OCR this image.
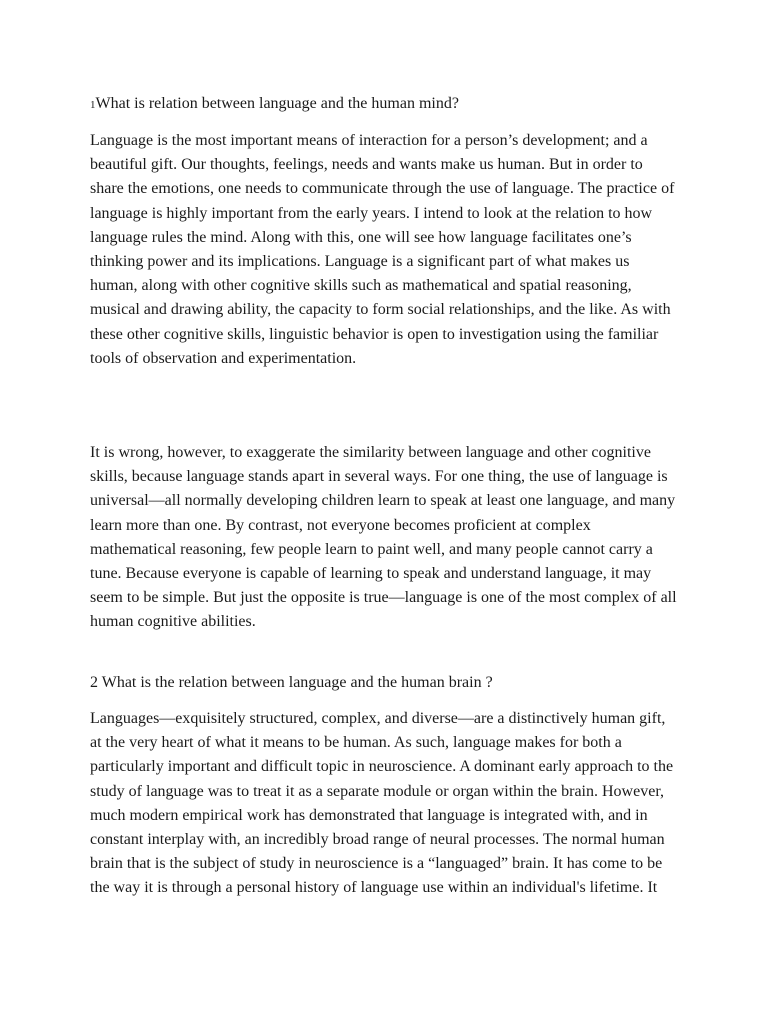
1What is relation between language and the human mind?

Language is the most important means of interaction for a person’s development; and a beautiful gift. Our thoughts, feelings, needs and wants make us human. But in order to share the emotions, one needs to communicate through the use of language. The practice of language is highly important from the early years. I intend to look at the relation to how language rules the mind. Along with this, one will see how language facilitates one’s thinking power and its implications. Language is a significant part of what makes us human, along with other cognitive skills such as mathematical and spatial reasoning, musical and drawing ability, the capacity to form social relationships, and the like. As with these other cognitive skills, linguistic behavior is open to investigation using the familiar tools of observation and experimentation.

It is wrong, however, to exaggerate the similarity between language and other cognitive skills, because language stands apart in several ways. For one thing, the use of language is universal—all normally developing children learn to speak at least one language, and many learn more than one. By contrast, not everyone becomes proficient at complex mathematical reasoning, few people learn to paint well, and many people cannot carry a tune. Because everyone is capable of learning to speak and understand language, it may seem to be simple. But just the opposite is true—language is one of the most complex of all human cognitive abilities.

2 What is the relation between language and the human brain ?

Languages—exquisitely structured, complex, and diverse—are a distinctively human gift, at the very heart of what it means to be human. As such, language makes for both a particularly important and difficult topic in neuroscience. A dominant early approach to the study of language was to treat it as a separate module or organ within the brain. However, much modern empirical work has demonstrated that language is integrated with, and in constant interplay with, an incredibly broad range of neural processes. The normal human brain that is the subject of study in neuroscience is a “languaged” brain. It has come to be the way it is through a personal history of language use within an individual's lifetime. It
